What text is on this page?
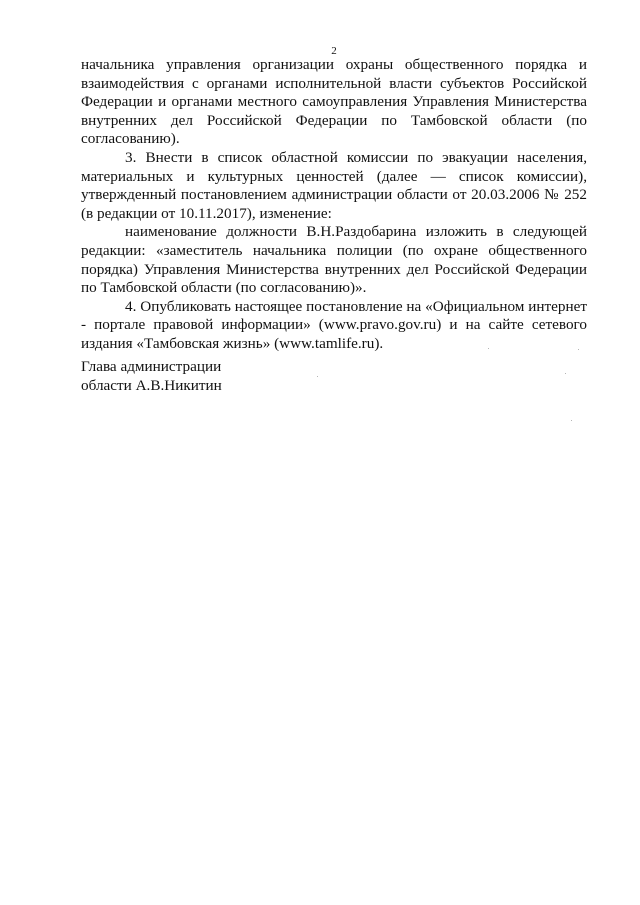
2

начальника управления организации охраны общественного порядка и взаимодействия с органами исполнительной власти субъектов Российской Федерации и органами местного самоуправления Управления Министерства внутренних дел Российской Федерации по Тамбовской области (по согласованию).

3. Внести в список областной комиссии по эвакуации населения, материальных и культурных ценностей (далее — список комиссии), утвержденный постановлением администрации области от 20.03.2006 № 252 (в редакции от 10.11.2017), изменение:

наименование должности В.Н.Раздобарина изложить в следующей редакции: «заместитель начальника полиции (по охране общественного порядка) Управления Министерства внутренних дел Российской Федерации по Тамбовской области (по согласованию)».

4. Опубликовать настоящее постановление на «Официальном интернет - портале правовой информации» (www.pravo.gov.ru) и на сайте сетевого издания «Тамбовская жизнь» (www.tamlife.ru).

Глава администрации
области А.В.Никитин
